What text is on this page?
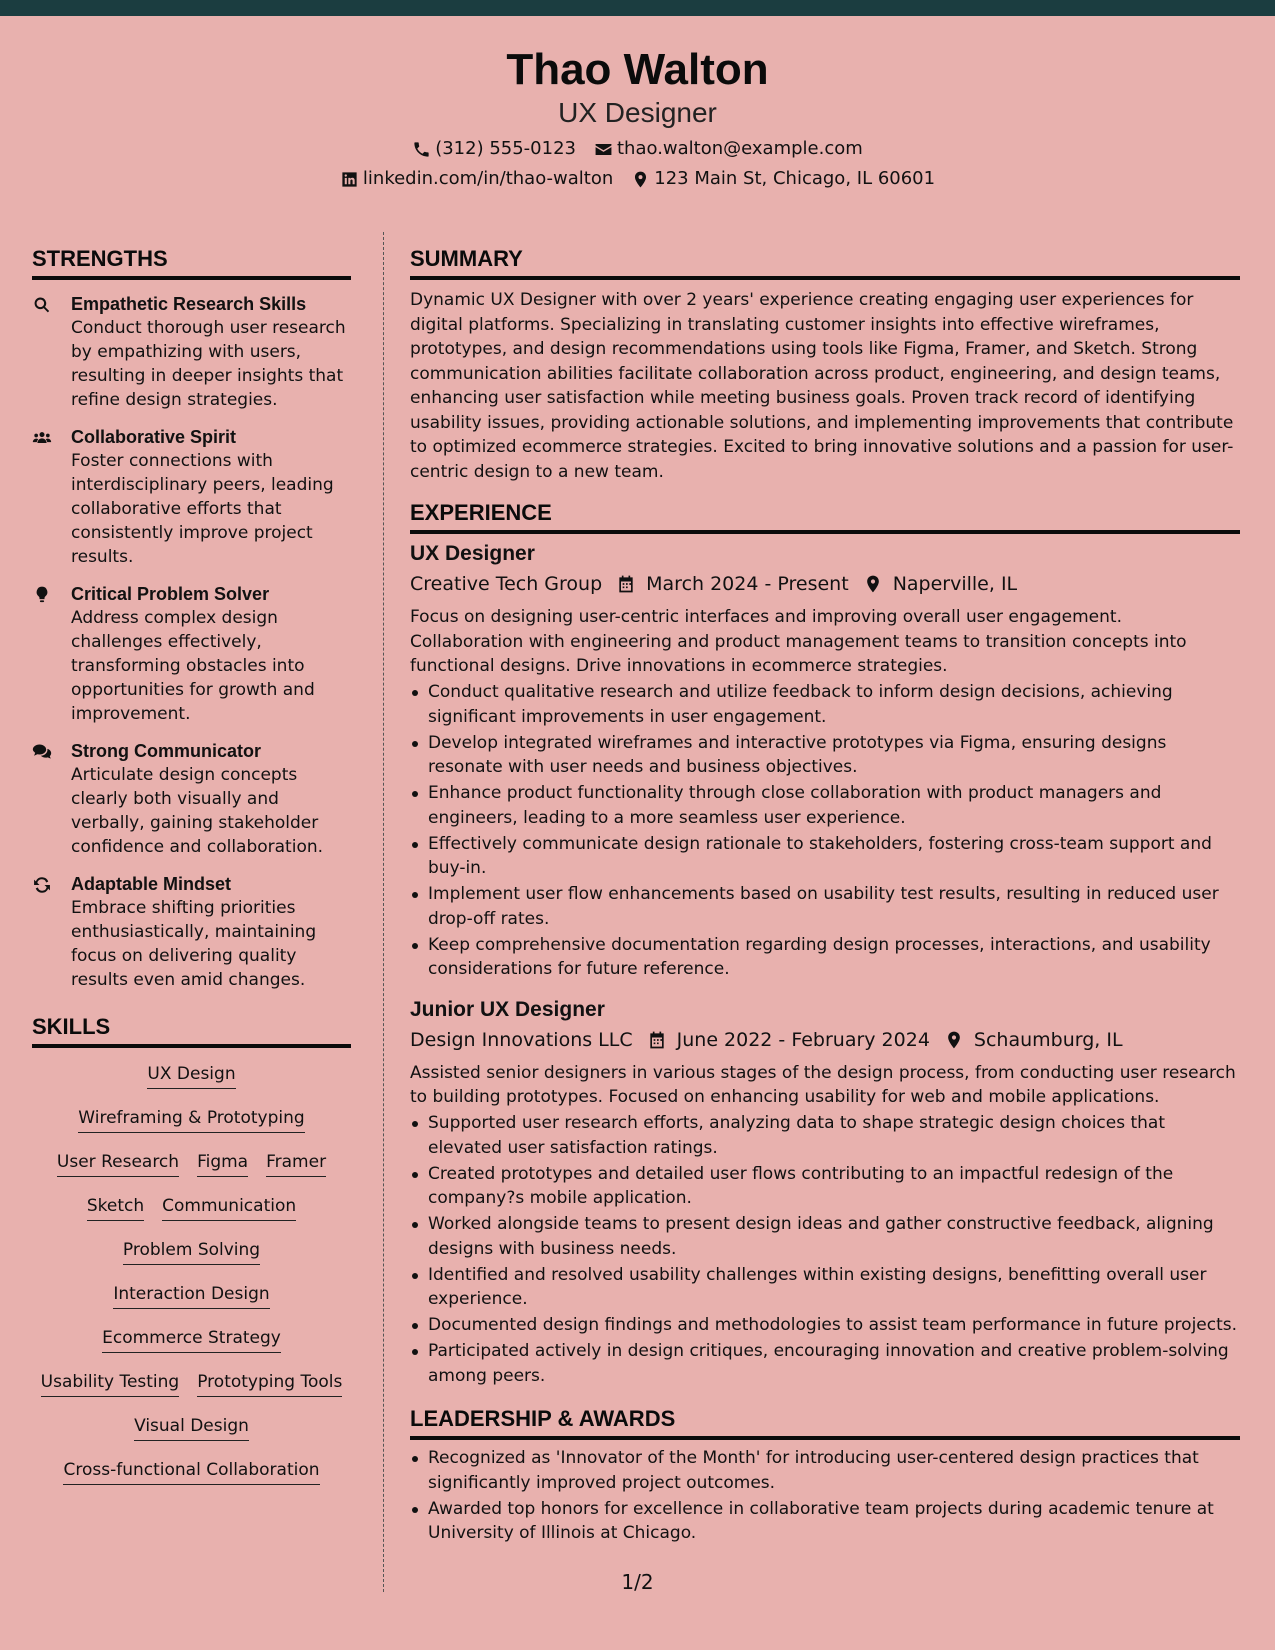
Thao Walton
UX Designer
(312) 555-0123 thao.walton@example.com
linkedin.com/in/thao-walton 123 Main St, Chicago, IL 60601
STRENGTHS
Empathetic Research Skills
Conduct thorough user research by empathizing with users, resulting in deeper insights that refine design strategies.
Collaborative Spirit
Foster connections with interdisciplinary peers, leading collaborative efforts that consistently improve project results.
Critical Problem Solver
Address complex design challenges effectively, transforming obstacles into opportunities for growth and improvement.
Strong Communicator
Articulate design concepts clearly both visually and verbally, gaining stakeholder confidence and collaboration.
Adaptable Mindset
Embrace shifting priorities enthusiastically, maintaining focus on delivering quality results even amid changes.
SKILLS
UX Design
Wireframing & Prototyping
User Research Figma Framer
Sketch Communication
Problem Solving
Interaction Design
Ecommerce Strategy
Usability Testing Prototyping Tools
Visual Design
Cross-functional Collaboration
SUMMARY

Dynamic UX Designer with over 2 years' experience creating engaging user experiences for digital platforms. Specializing in translating customer insights into effective wireframes, prototypes, and design recommendations using tools like Figma, Framer, and Sketch. Strong communication abilities facilitate collaboration across product, engineering, and design teams, enhancing user satisfaction while meeting business goals. Proven track record of identifying usability issues, providing actionable solutions, and implementing improvements that contribute to optimized ecommerce strategies. Excited to bring innovative solutions and a passion for user-centric design to a new team.

EXPERIENCE
UX Designer
Creative Tech Group March 2024 - Present Naperville, IL

Focus on designing user-centric interfaces and improving overall user engagement. Collaboration with engineering and product management teams to transition concepts into functional designs. Drive innovations in ecommerce strategies.

Conduct qualitative research and utilize feedback to inform design decisions, achieving significant improvements in user engagement.
Develop integrated wireframes and interactive prototypes via Figma, ensuring designs resonate with user needs and business objectives.
Enhance product functionality through close collaboration with product managers and engineers, leading to a more seamless user experience.
Effectively communicate design rationale to stakeholders, fostering cross-team support and buy-in.
Implement user flow enhancements based on usability test results, resulting in reduced user drop-off rates.
Keep comprehensive documentation regarding design processes, interactions, and usability considerations for future reference.
Junior UX Designer
Design Innovations LLC June 2022 - February 2024 Schaumburg, IL

Assisted senior designers in various stages of the design process, from conducting user research to building prototypes. Focused on enhancing usability for web and mobile applications.

Supported user research efforts, analyzing data to shape strategic design choices that elevated user satisfaction ratings.
Created prototypes and detailed user flows contributing to an impactful redesign of the company?s mobile application.
Worked alongside teams to present design ideas and gather constructive feedback, aligning designs with business needs.
Identified and resolved usability challenges within existing designs, benefitting overall user experience.
Documented design findings and methodologies to assist team performance in future projects.
Participated actively in design critiques, encouraging innovation and creative problem-solving among peers.
LEADERSHIP & AWARDS
Recognized as 'Innovator of the Month' for introducing user-centered design practices that significantly improved project outcomes.
Awarded top honors for excellence in collaborative team projects during academic tenure at University of Illinois at Chicago.
1/2
